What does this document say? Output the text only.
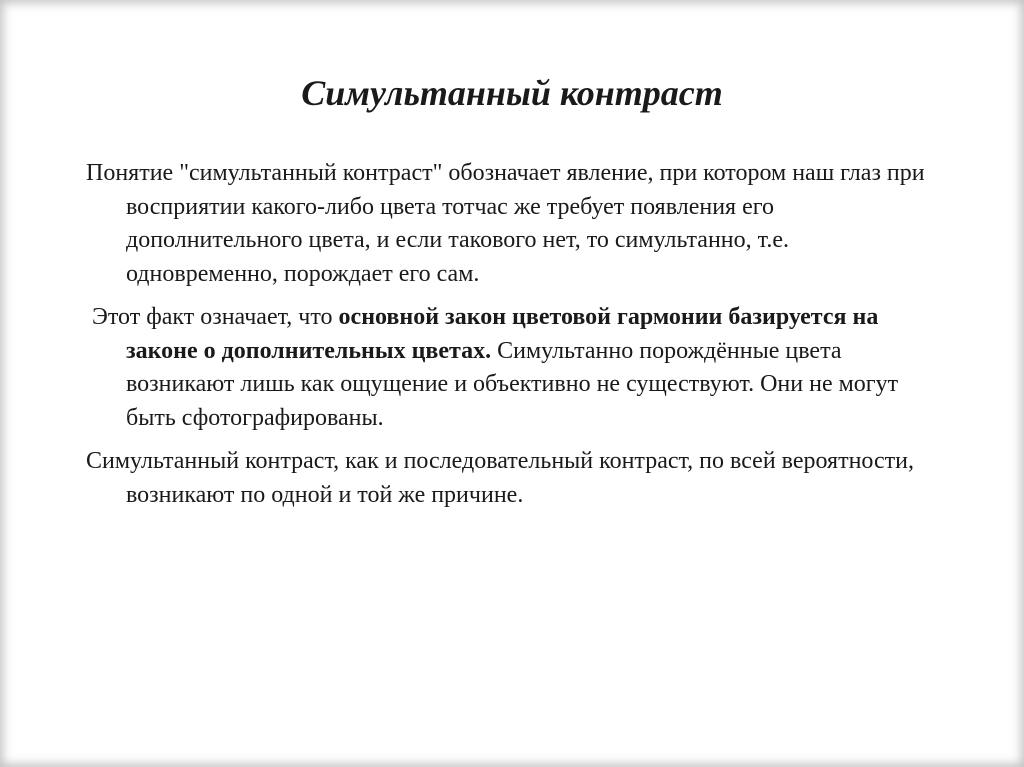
Симультанный контраст

Понятие "симультанный контраст" обозначает явление, при котором наш глаз при восприятии какого-либо цвета тотчас же требует появления его дополнительного цвета, и если такового нет, то симультанно, т.е. одновременно, порождает его сам.

Этот факт означает, что основной закон цветовой гармонии базируется на законе о дополнительных цветах. Симультанно порождённые цвета возникают лишь как ощущение и объективно не существуют. Они не могут быть сфотографированы.

Симультанный контраст, как и последовательный контраст, по всей вероятности, возникают по одной и той же причине.
